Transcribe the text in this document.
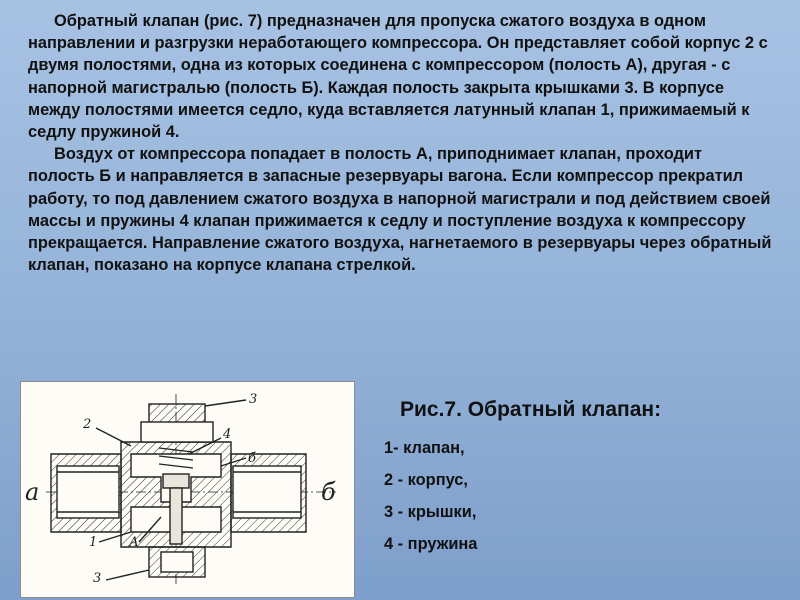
Обратный клапан (рис. 7) предназначен для пропуска сжатого воздуха в одном направлении и разгрузки неработающего компрессора. Он представляет собой корпус 2 с двумя полостями, одна из которых соединена с компрессором (полость А), другая - с напорной магистралью (полость Б). Каждая полость закрыта крышками 3. В корпусе между полостями имеется седло, куда вставляется латунный клапан 1, прижимаемый к седлу пружиной 4.

Воздух от компрессора попадает в полость А, приподнимает клапан, проходит полость Б и направляется в запасные резервуары вагона. Если компрессор прекратил работу, то под давлением сжатого воздуха в напорной магистрали и под действием своей массы и пружины 4 клапан прижимается к седлу и поступление воздуха к компрессору прекращается. Направление сжатого воздуха, нагнетаемого в резервуары через обратный клапан, показано на корпусе клапана стрелкой.

3
2
б
4
А
1
3
а	б
Рис.7. Обратный клапан:
1- клапан,
2 - корпус,
3 - крышки,
4 - пружина
